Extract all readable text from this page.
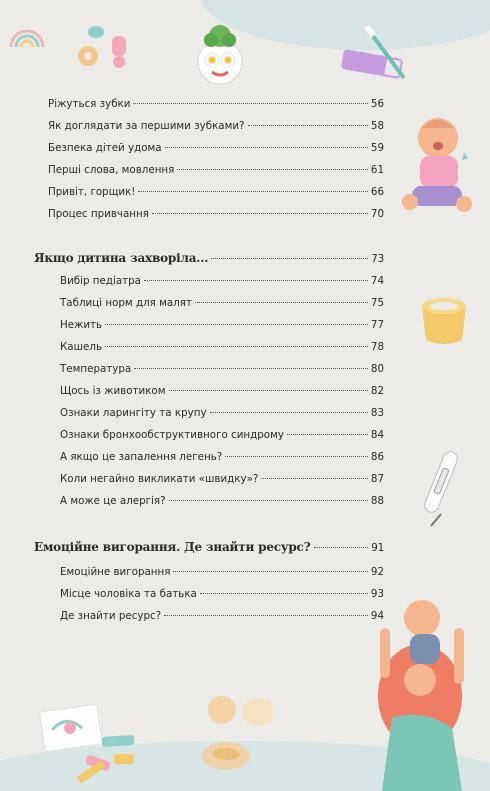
Ріжуться зубки	56
Як доглядати за першими зубками?	58
Безпека дітей удома	59
Перші слова, мовлення	61
Привіт, горщик!	66
Процес привчання	70
Якщо дитина захворіла...	73
Вибір педіатра	74
Таблиці норм для малят	75
Нежить	77
Кашель	78
Температура	80
Щось із животиком	82
Ознаки ларингіту та крупу	83
Ознаки бронхообструктивного синдрому	84
А якщо це запалення легень?	86
Коли негайно викликати «швидку»?	87
А може це алергія?	88
Емоційне вигорання. Де знайти ресурс?	91
Емоційне вигорання	92
Місце чоловіка та батька	93
Де знайти ресурс?	94
